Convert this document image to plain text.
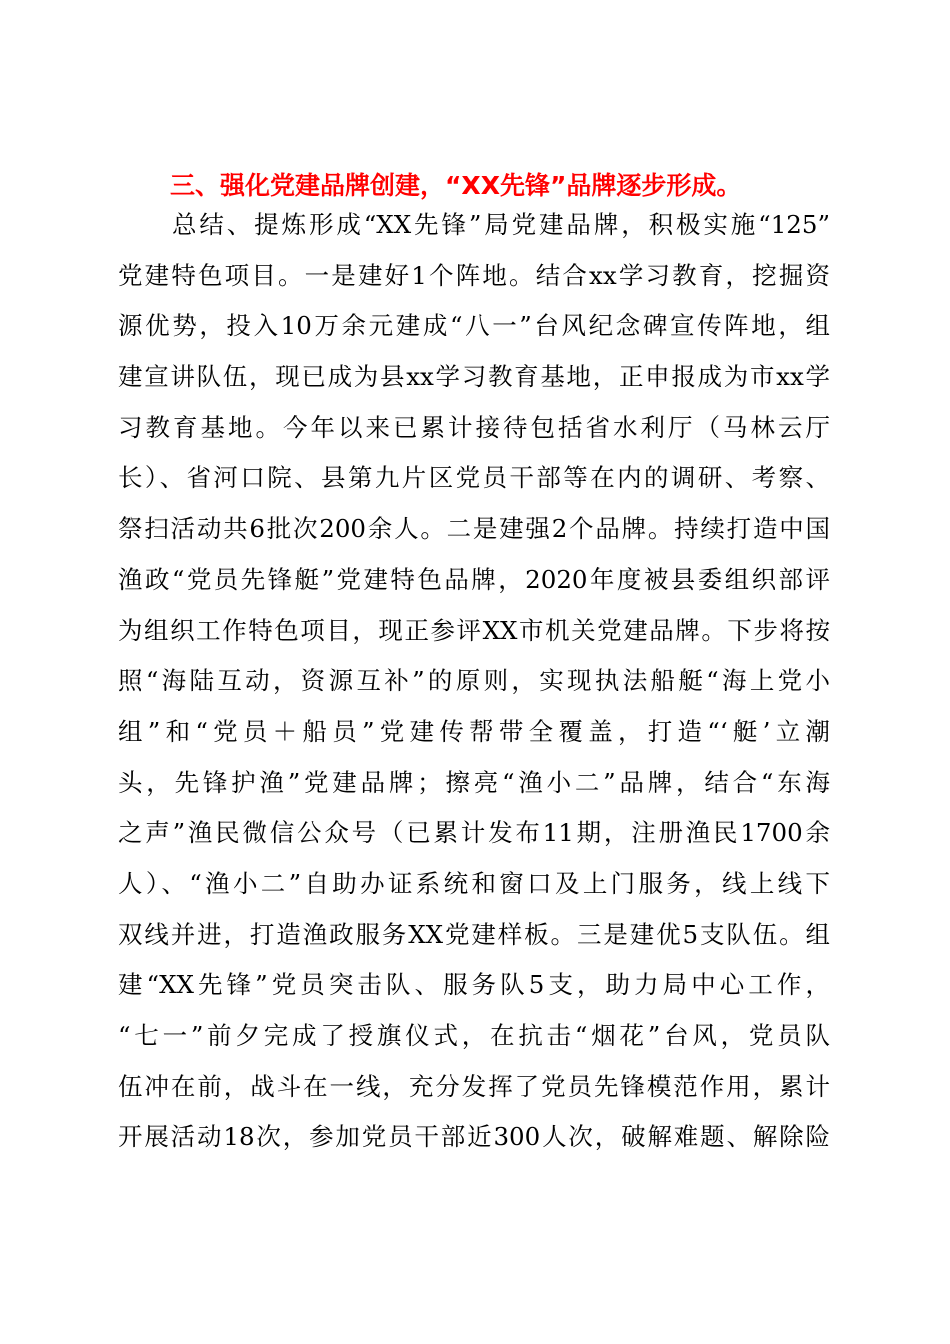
三、强化党建品牌创建，“XX先锋”品牌逐步形成。
总结、提炼形成“XX先锋”局党建品牌，积极实施“125”
党建特色项目。一是建好1个阵地。结合xx学习教育，挖掘资
源优势，投入10万余元建成“八一”台风纪念碑宣传阵地，组
建宣讲队伍，现已成为县xx学习教育基地，正申报成为市xx学
习教育基地。今年以来已累计接待包括省水利厅（马林云厅
长）、省河口院、县第九片区党员干部等在内的调研、考察、
祭扫活动共6批次200余人。二是建强2个品牌。持续打造中国
渔政“党员先锋艇”党建特色品牌，2020年度被县委组织部评
为组织工作特色项目，现正参评XX市机关党建品牌。下步将按
照“海陆互动，资源互补”的原则，实现执法船艇“海上党小
组”和“党员＋船员”党建传帮带全覆盖，打造“‘艇’立潮
头，先锋护渔”党建品牌；擦亮“渔小二”品牌，结合“东海
之声”渔民微信公众号（已累计发布11期，注册渔民1700余
人）、“渔小二”自助办证系统和窗口及上门服务，线上线下
双线并进，打造渔政服务XX党建样板。三是建优5支队伍。组
建“XX先锋”党员突击队、服务队5支，助力局中心工作，
“七一”前夕完成了授旗仪式，在抗击“烟花”台风，党员队
伍冲在前，战斗在一线，充分发挥了党员先锋模范作用，累计
开展活动18次，参加党员干部近300人次，破解难题、解除险
